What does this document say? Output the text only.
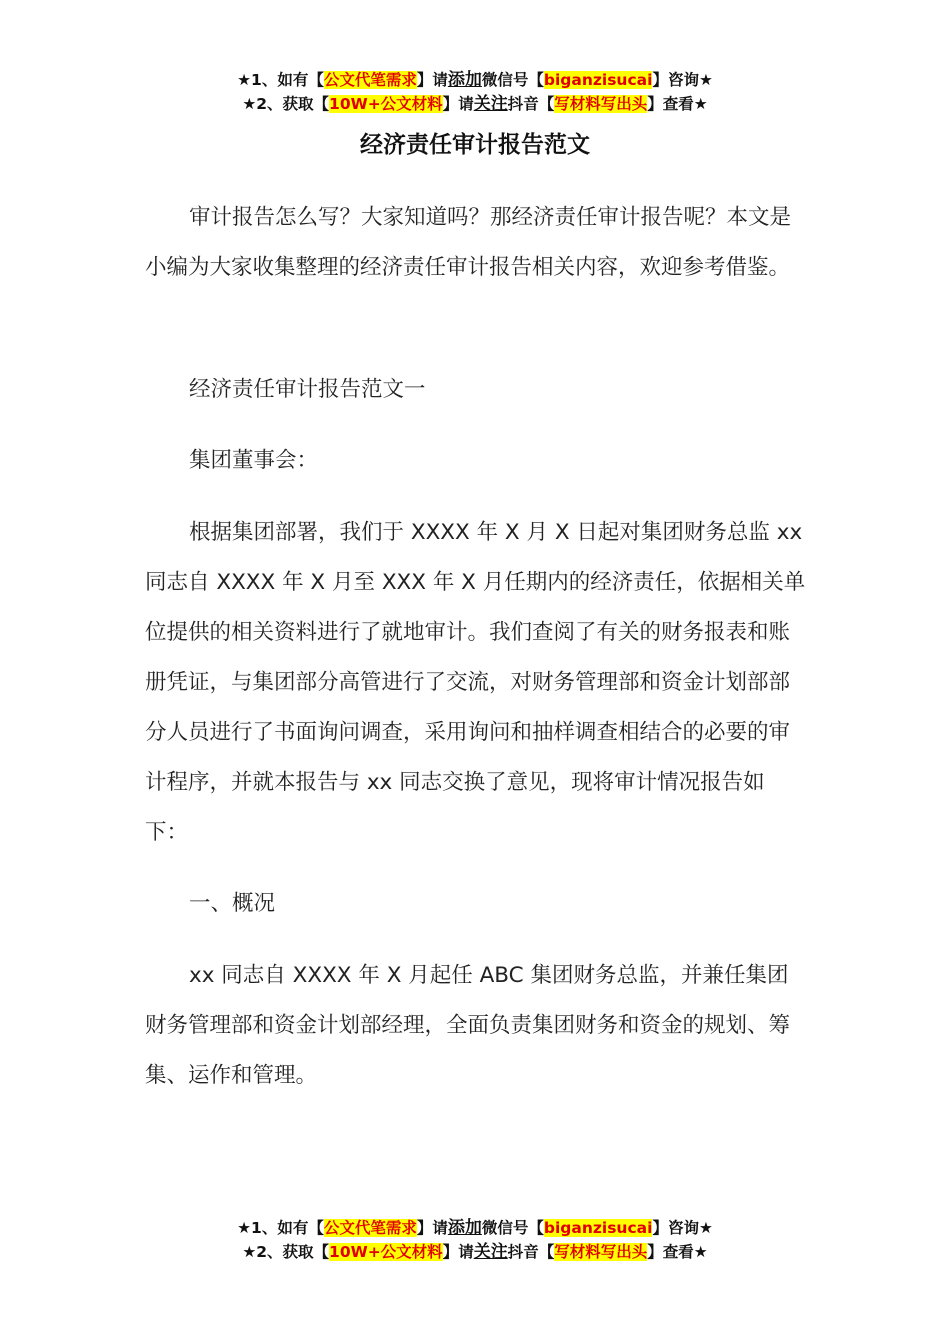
★1、如有【公文代笔需求】请添加微信号【biganzisucai】咨询★
★2、获取【10W+公文材料】请关注抖音【写材料写出头】查看★
经济责任审计报告范文

审计报告怎么写？大家知道吗？那经济责任审计报告呢？本文是小编为大家收集整理的经济责任审计报告相关内容，欢迎参考借鉴。

经济责任审计报告范文一

集团董事会：

根据集团部署，我们于 XXXX 年 X 月 X 日起对集团财务总监 xx 同志自 XXXX 年 X 月至 XXX 年 X 月任期内的经济责任，依据相关单位提供的相关资料进行了就地审计。我们查阅了有关的财务报表和账册凭证，与集团部分高管进行了交流，对财务管理部和资金计划部部分人员进行了书面询问调查，采用询问和抽样调查相结合的必要的审计程序，并就本报告与 xx 同志交换了意见，现将审计情况报告如下：

一、概况

xx 同志自 XXXX 年 X 月起任 ABC 集团财务总监，并兼任集团财务管理部和资金计划部经理，全面负责集团财务和资金的规划、筹集、运作和管理。

★1、如有【公文代笔需求】请添加微信号【biganzisucai】咨询★
★2、获取【10W+公文材料】请关注抖音【写材料写出头】查看★
